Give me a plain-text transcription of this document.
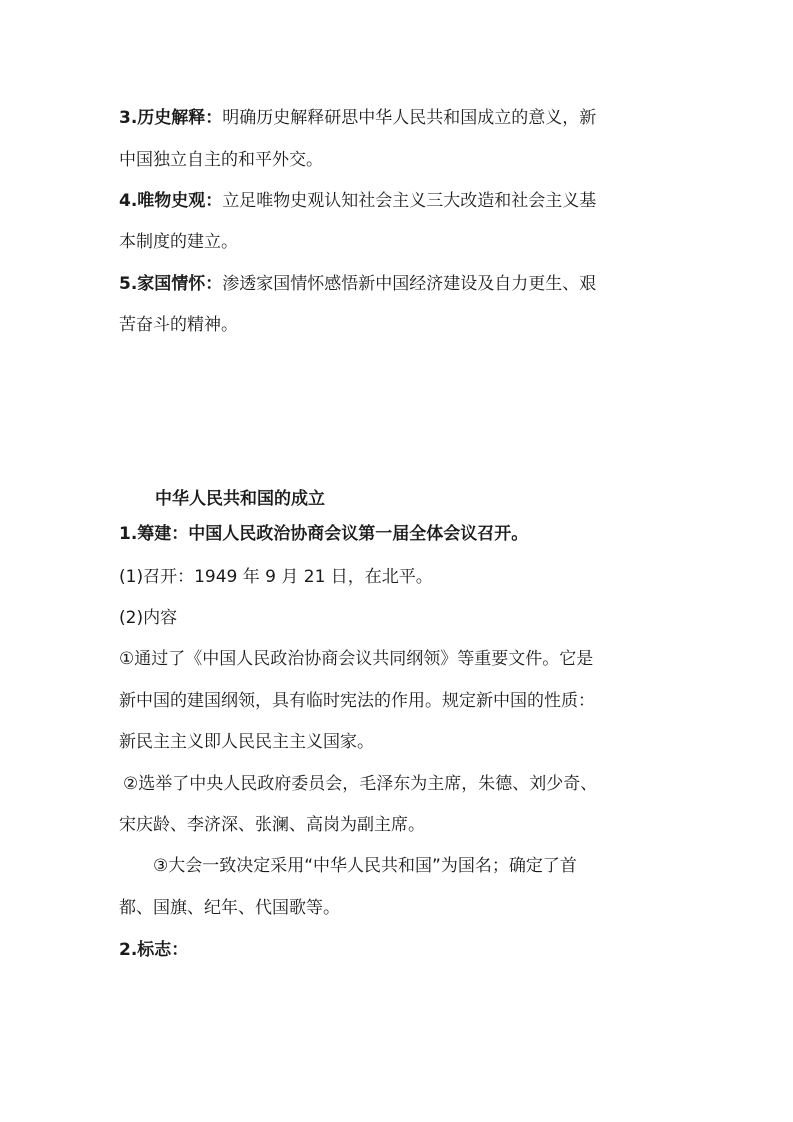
3.历史解释：明确历史解释研思中华人民共和国成立的意义，新
中国独立自主的和平外交。
4.唯物史观：立足唯物史观认知社会主义三大改造和社会主义基
本制度的建立。
5.家国情怀：渗透家国情怀感悟新中国经济建设及自力更生、艰
苦奋斗的精神。
中华人民共和国的成立
1.筹建：中国人民政治协商会议第一届全体会议召开。
(1)召开：1949 年 9 月 21 日，在北平。
(2)内容
①通过了《中国人民政治协商会议共同纲领》等重要文件。它是
新中国的建国纲领，具有临时宪法的作用。规定新中国的性质：
新民主主义即人民民主主义国家。
②选举了中央人民政府委员会，毛泽东为主席，朱德、刘少奇、
宋庆龄、李济深、张澜、高岗为副主席。
③大会一致决定采用“中华人民共和国”为国名；确定了首
都、国旗、纪年、代国歌等。
2.标志：
